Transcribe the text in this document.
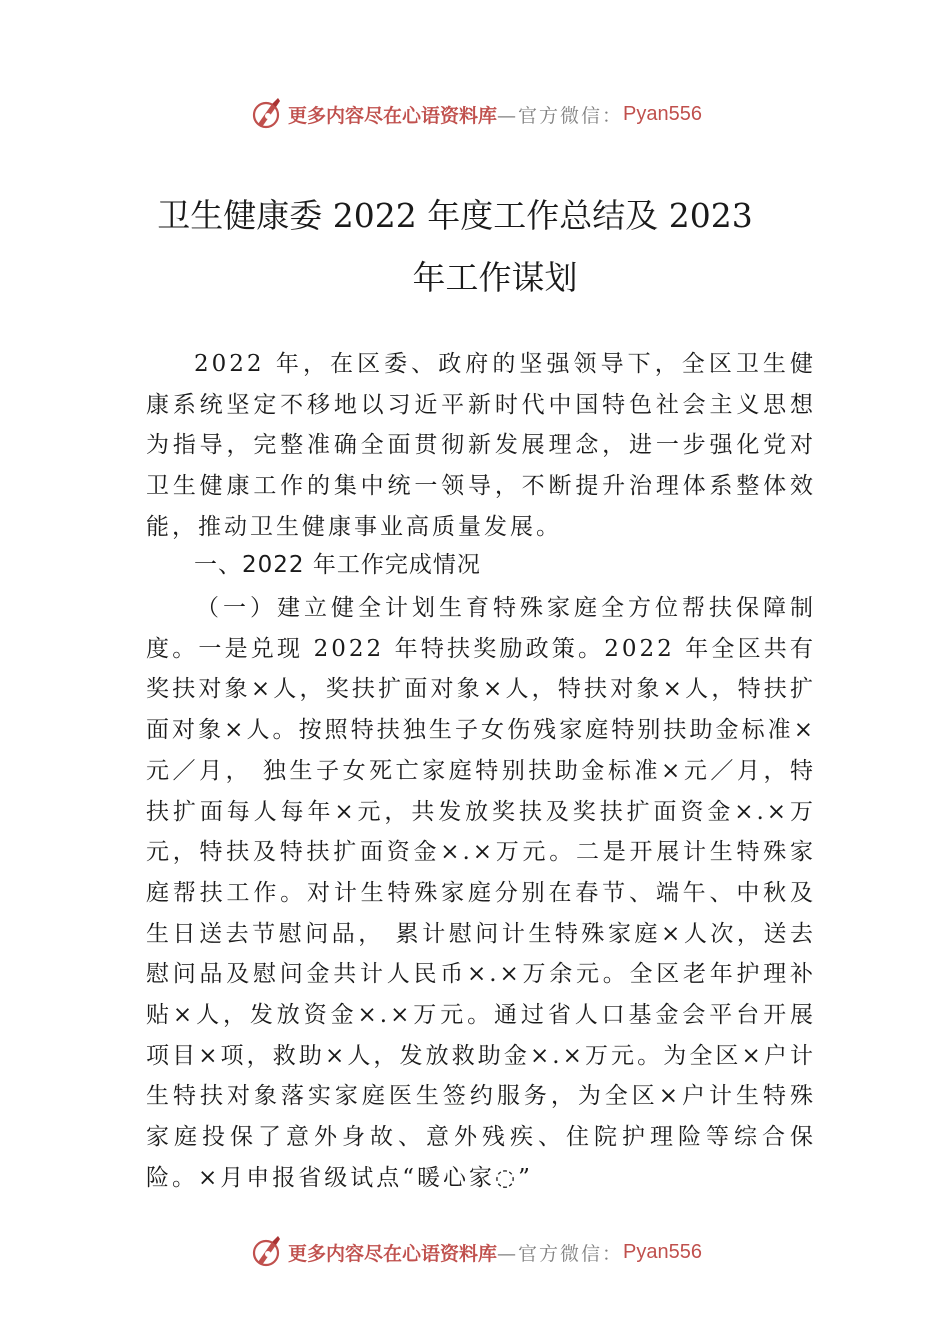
更多内容尽在心语资料库 —官方微信： Pyan556
卫生健康委 2022 年度工作总结及 2023
年工作谋划
2022 年，在区委、政府的坚强领导下，全区卫生健康系统坚定不移地以习近平新时代中国特色社会主义思想为指导，完整准确全面贯彻新发展理念，进一步强化党对卫生健康工作的集中统一领导，不断提升治理体系整体效能，推动卫生健康事业高质量发展。
一、2022 年工作完成情况
（一）建立健全计划生育特殊家庭全方位帮扶保障制度。一是兑现 2022 年特扶奖励政策。2022 年全区共有奖扶对象×人，奖扶扩面对象×人，特扶对象×人，特扶扩面对象×人。按照特扶独生子女伤残家庭特别扶助金标准×元／月， 独生子女死亡家庭特别扶助金标准×元／月，特扶扩面每人每年×元，共发放奖扶及奖扶扩面资金×.×万元，特扶及特扶扩面资金×.×万元。二是开展计生特殊家庭帮扶工作。对计生特殊家庭分别在春节、端午、中秋及生日送去节慰问品， 累计慰问计生特殊家庭×人次，送去慰问品及慰问金共计人民币×.×万余元。全区老年护理补贴×人，发放资金×.×万元。通过省人口基金会平台开展项目×项，救助×人，发放救助金×.×万元。为全区×户计生特扶对象落实家庭医生签约服务，为全区×户计生特殊家庭投保了意外身故、意外残疾、住院护理险等综合保险。×月申报省级试点“暖心家◌”
更多内容尽在心语资料库 —官方微信： Pyan556
